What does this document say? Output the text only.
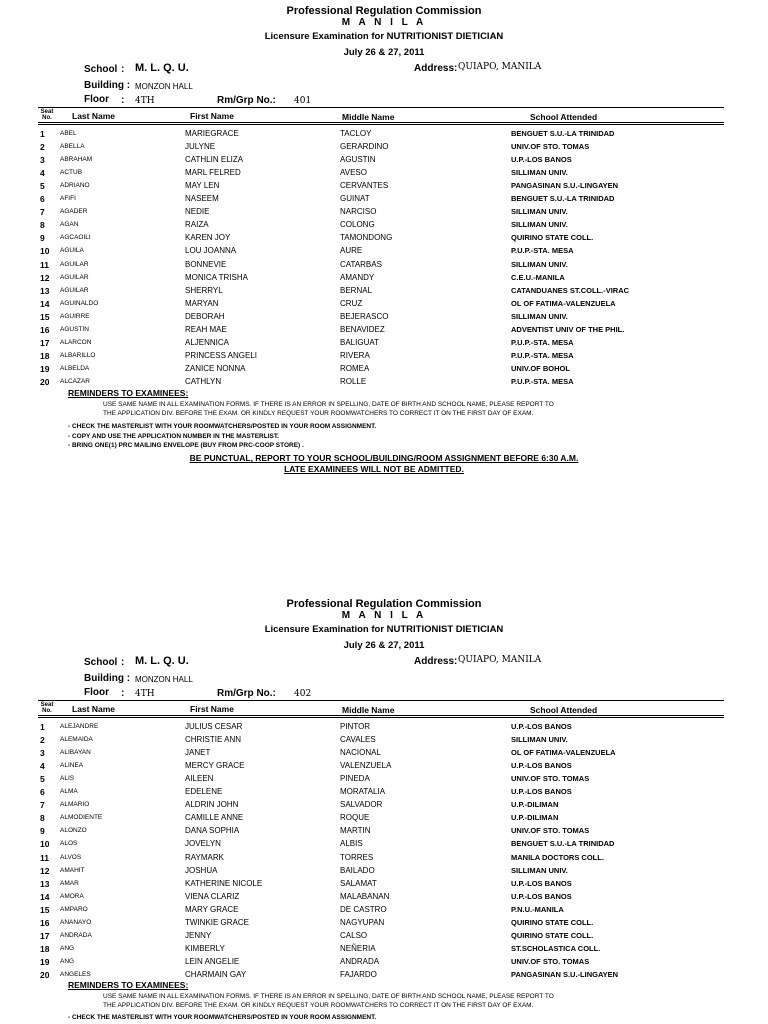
Professional Regulation Commission
M A N I L A
Licensure Examination for NUTRITIONIST DIETICIAN
July 26 & 27, 2011
School : M. L. Q. U.	Address: QUIAPO, MANILA
Building : MONZON HALL
Floor : 4TH	Rm/Grp No.: 401
Seat No. Last Name	First Name	Middle Name	School Attended
1 ABEL	MARIEGRACE	TACLOY	BENGUET S.U.-LA TRINIDAD
2 ABELLA	JULYNE	GERARDINO	UNIV.OF STO. TOMAS
3 ABRAHAM	CATHLIN ELIZA	AGUSTIN	U.P.-LOS BANOS
4 ACTUB	MARL FELRED	AVESO	SILLIMAN UNIV.
5 ADRIANO	MAY LEN	CERVANTES	PANGASINAN S.U.-LINGAYEN
6 AFIFI	NASEEM	GUINAT	BENGUET S.U.-LA TRINIDAD
7 AGADER	NEDIE	NARCISO	SILLIMAN UNIV.
8 AGAN	RAIZA	COLONG	SILLIMAN UNIV.
9 AGCAOILI	KAREN JOY	TAMONDONG	QUIRINO STATE COLL.
10 AGUILA	LOU JOANNA	AURE	P.U.P.-STA. MESA
11 AGUILAR	BONNEVIE	CATARBAS	SILLIMAN UNIV.
12 AGUILAR	MONICA TRISHA	AMANDY	C.E.U.-MANILA
13 AGUILAR	SHERRYL	BERNAL	CATANDUANES ST.COLL.-VIRAC
14 AGUINALDO	MARYAN	CRUZ	OL OF FATIMA-VALENZUELA
15 AGUIRRE	DEBORAH	BEJERASCO	SILLIMAN UNIV.
16 AGUSTIN	REAH MAE	BENAVIDEZ	ADVENTIST UNIV OF THE PHIL.
17 ALARCON	ALJENNICA	BALIGUAT	P.U.P.-STA. MESA
18 ALBARILLO	PRINCESS ANGELI	RIVERA	P.U.P.-STA. MESA
19 ALBELDA	ZANICE NONNA	ROMEA	UNIV.OF BOHOL
20 ALCAZAR	CATHLYN	ROLLE	P.U.P.-STA. MESA
REMINDERS TO EXAMINEES:
USE SAME NAME IN ALL EXAMINATION FORMS. IF THERE IS AN ERROR IN SPELLING, DATE OF BIRTH AND SCHOOL NAME, PLEASE REPORT TO
THE APPLICATION DIV. BEFORE THE EXAM. OR KINDLY REQUEST YOUR ROOMWATCHERS TO CORRECT IT ON THE FIRST DAY OF EXAM.
- CHECK THE MASTERLIST WITH YOUR ROOMWATCHERS/POSTED IN YOUR ROOM ASSIGNMENT.
- COPY AND USE THE APPLICATION NUMBER IN THE MASTERLIST.
- BRING ONE(1) PRC MAILING ENVELOPE (BUY FROM PRC-COOP STORE) .
BE PUNCTUAL, REPORT TO YOUR SCHOOL/BUILDING/ROOM ASSIGNMENT BEFORE 6:30 A.M.
LATE EXAMINEES WILL NOT BE ADMITTED.
Professional Regulation Commission
M A N I L A
Licensure Examination for NUTRITIONIST DIETICIAN
July 26 & 27, 2011
School : M. L. Q. U.	Address: QUIAPO, MANILA
Building : MONZON HALL
Floor : 4TH	Rm/Grp No.: 402
Seat No. Last Name	First Name	Middle Name	School Attended
1 ALEJANDRE	JULIUS CESAR	PINTOR	U.P.-LOS BANOS
2 ALEMAIDA	CHRISTIE ANN	CAVALES	SILLIMAN UNIV.
3 ALIBAYAN	JANET	NACIONAL	OL OF FATIMA-VALENZUELA
4 ALINEA	MERCY GRACE	VALENZUELA	U.P.-LOS BANOS
5 ALIS	AILEEN	PINEDA	UNIV.OF STO. TOMAS
6 ALMA	EDELENE	MORATALIA	U.P.-LOS BANOS
7 ALMARIO	ALDRIN JOHN	SALVADOR	U.P.-DILIMAN
8 ALMODIENTE	CAMILLE ANNE	ROQUE	U.P.-DILIMAN
9 ALONZO	DANA SOPHIA	MARTIN	UNIV.OF STO. TOMAS
10 ALOS	JOVELYN	ALBIS	BENGUET S.U.-LA TRINIDAD
11 ALVOS	RAYMARK	TORRES	MANILA DOCTORS COLL.
12 AMAHIT	JOSHUA	BAILADO	SILLIMAN UNIV.
13 AMAR	KATHERINE NICOLE	SALAMAT	U.P.-LOS BANOS
14 AMORA	VIENA CLARIZ	MALABANAN	U.P.-LOS BANOS
15 AMPARO	MARY GRACE	DE CASTRO	P.N.U.-MANILA
16 ANANAYO	TWINKIE GRACE	NAGYUPAN	QUIRINO STATE COLL.
17 ANDRADA	JENNY	CALSO	QUIRINO STATE COLL.
18 ANG	KIMBERLY	NEÑERIA	ST.SCHOLASTICA COLL.
19 ANG	LEIN ANGELIE	ANDRADA	UNIV.OF STO. TOMAS
20 ANGELES	CHARMAIN GAY	FAJARDO	PANGASINAN S.U.-LINGAYEN
REMINDERS TO EXAMINEES:
USE SAME NAME IN ALL EXAMINATION FORMS. IF THERE IS AN ERROR IN SPELLING, DATE OF BIRTH AND SCHOOL NAME, PLEASE REPORT TO
THE APPLICATION DIV. BEFORE THE EXAM. OR KINDLY REQUEST YOUR ROOMWATCHERS TO CORRECT IT ON THE FIRST DAY OF EXAM.
- CHECK THE MASTERLIST WITH YOUR ROOMWATCHERS/POSTED IN YOUR ROOM ASSIGNMENT.
